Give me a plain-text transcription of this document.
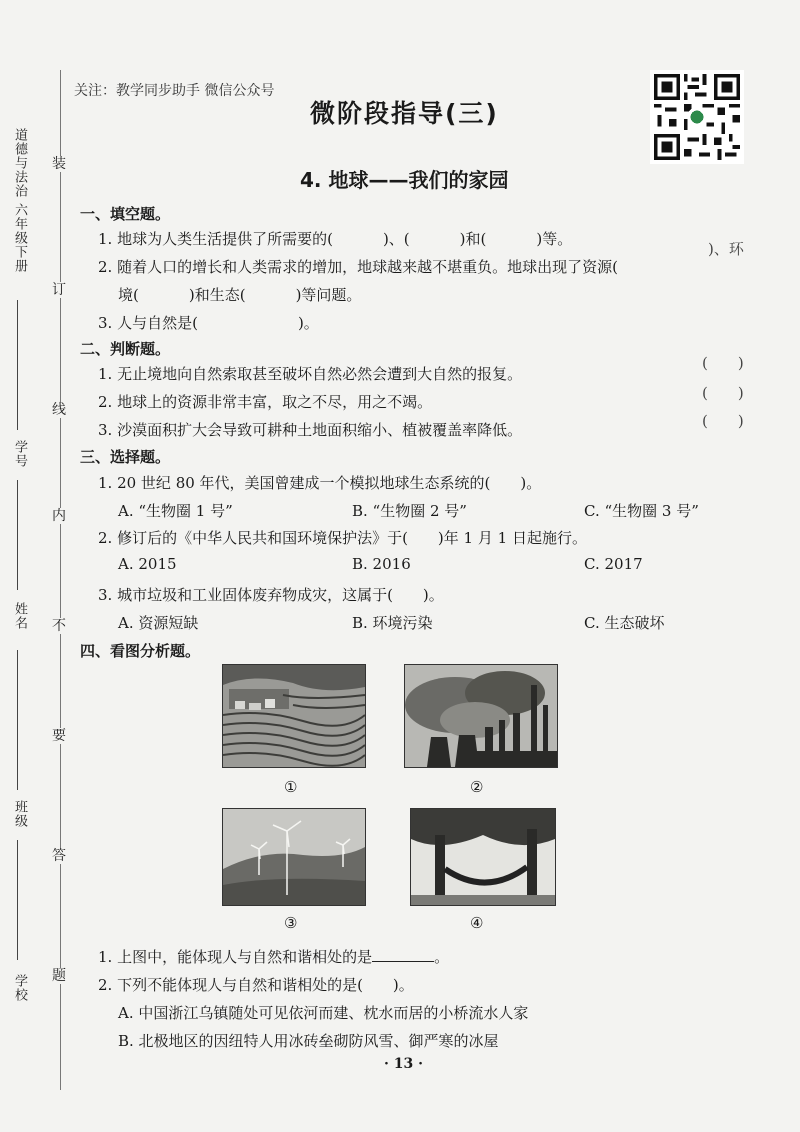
)、环
(　　)
(　　)
(　　)
装
订
线
内
不
要
答
题
道德与法治 六年级下册
学号
姓名
班级
学校
关注：教学同步助手 微信公众号
微阶段指导(三)
4. 地球——我们的家园
一、填空题。
1. 地球为人类生活提供了所需要的(	)、(	)和(	)等。
2. 随着人口的增长和人类需求的增加，地球越来越不堪重负。地球出现了资源(
境(	)和生态(	)等问题。
3. 人与自然是(	)。
二、判断题。
1. 无止境地向自然索取甚至破坏自然必然会遭到大自然的报复。
2. 地球上的资源非常丰富，取之不尽，用之不竭。
3. 沙漠面积扩大会导致可耕种土地面积缩小、植被覆盖率降低。
三、选择题。
1. 20 世纪 80 年代，美国曾建成一个模拟地球生态系统的(　　)。
A. “生物圈 1 号”	B. “生物圈 2 号”	C. “生物圈 3 号”
2. 修订后的《中华人民共和国环境保护法》于(　　)年 1 月 1 日起施行。
A. 2015	B. 2016	C. 2017
3. 城市垃圾和工业固体废弃物成灾，这属于(　　)。
A. 资源短缺	B. 环境污染	C. 生态破坏
四、看图分析题。
①	②
③	④
1. 上图中，能体现人与自然和谐相处的是	。
2. 下列不能体现人与自然和谐相处的是(　　)。
A. 中国浙江乌镇随处可见依河而建、枕水而居的小桥流水人家
B. 北极地区的因纽特人用冰砖垒砌防风雪、御严寒的冰屋
· 13 ·
